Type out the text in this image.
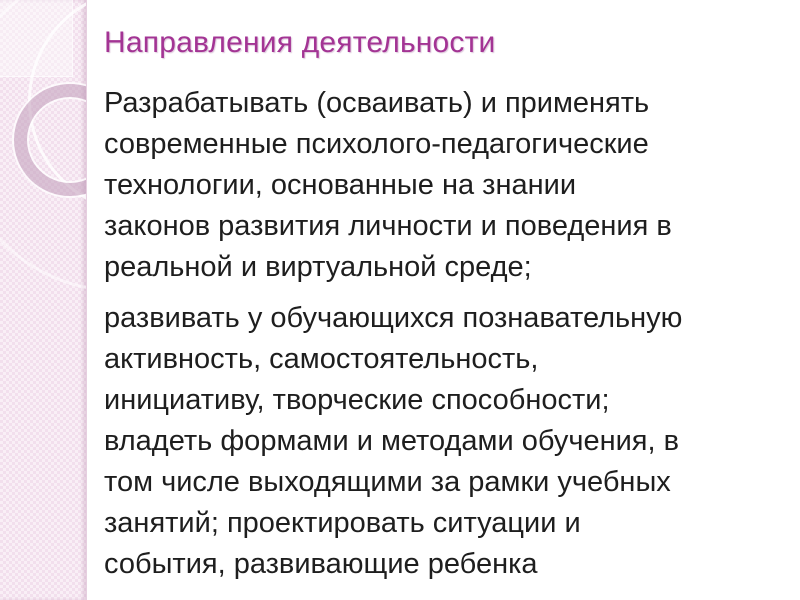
Направления деятельности

Разрабатывать (осваивать) и применять
современные психолого-педагогические
технологии, основанные на знании
законов развития личности и поведения в
реальной и виртуальной среде;

развивать у обучающихся познавательную
активность, самостоятельность,
инициативу, творческие способности;
владеть формами и методами обучения, в
том числе выходящими за рамки учебных
занятий; проектировать ситуации и
события, развивающие ребенка
